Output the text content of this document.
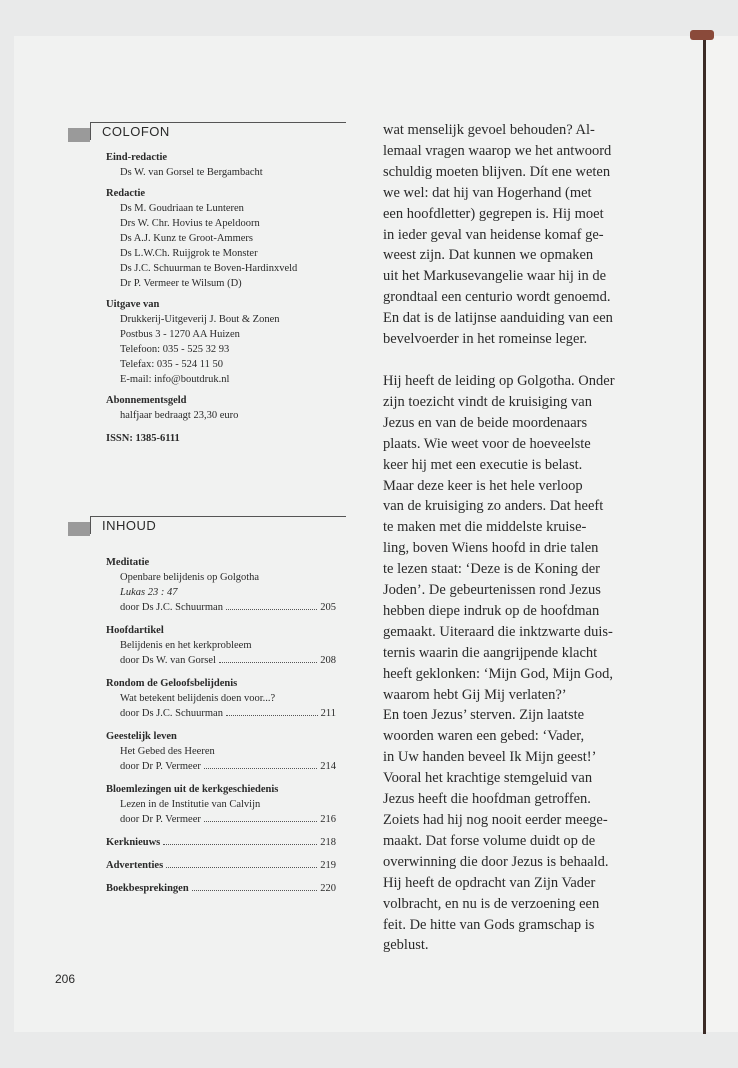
COLOFON
Eind-redactie
Ds W. van Gorsel te Bergambacht
Redactie
Ds M. Goudriaan te Lunteren
Drs W. Chr. Hovius te Apeldoorn
Ds A.J. Kunz te Groot-Ammers
Ds L.W.Ch. Ruijgrok te Monster
Ds J.C. Schuurman te Boven-Hardinxveld
Dr P. Vermeer te Wilsum (D)
Uitgave van
Drukkerij-Uitgeverij J. Bout & Zonen
Postbus 3 - 1270 AA Huizen
Telefoon: 035 - 525 32 93
Telefax: 035 - 524 11 50
E-mail: info@boutdruk.nl
Abonnementsgeld
halfjaar bedraagt 23,30 euro
ISSN: 1385-6111
INHOUD
Meditatie
Openbare belijdenis op Golgotha
Lukas 23 : 47
door Ds J.C. Schuurman	205
Hoofdartikel
Belijdenis en het kerkprobleem
door Ds W. van Gorsel	208
Rondom de Geloofsbelijdenis
Wat betekent belijdenis doen voor...?
door Ds J.C. Schuurman	211
Geestelijk leven
Het Gebed des Heeren
door Dr P. Vermeer	214
Bloemlezingen uit de kerkgeschiedenis
Lezen in de Institutie van Calvijn
door Dr P. Vermeer	216
Kerknieuws	218
Advertenties	219
Boekbesprekingen	220

wat menselijk gevoel behouden? Al-
lemaal vragen waarop we het antwoord
schuldig moeten blijven. Dít ene weten
we wel: dat hij van Hogerhand (met
een hoofdletter) gegrepen is. Hij moet
in ieder geval van heidense komaf ge-
weest zijn. Dat kunnen we opmaken
uit het Markusevangelie waar hij in de
grondtaal een centurio wordt genoemd.
En dat is de latijnse aanduiding van een
bevelvoerder in het romeinse leger.

Hij heeft de leiding op Golgotha. Onder
zijn toezicht vindt de kruisiging van
Jezus en van de beide moordenaars
plaats. Wie weet voor de hoeveelste
keer hij met een executie is belast.
Maar deze keer is het hele verloop
van de kruisiging zo anders. Dat heeft
te maken met die middelste kruise-
ling, boven Wiens hoofd in drie talen
te lezen staat: ‘Deze is de Koning der
Joden’. De gebeurtenissen rond Jezus
hebben diepe indruk op de hoofdman
gemaakt. Uiteraard die inktzwarte duis-
ternis waarin die aangrijpende klacht
heeft geklonken: ‘Mijn God, Mijn God,
waarom hebt Gij Mij verlaten?’
En toen Jezus’ sterven. Zijn laatste
woorden waren een gebed: ‘Vader,
in Uw handen beveel Ik Mijn geest!’
Vooral het krachtige stemgeluid van
Jezus heeft die hoofdman getroffen.
Zoiets had hij nog nooit eerder meege-
maakt. Dat forse volume duidt op de
overwinning die door Jezus is behaald.
Hij heeft de opdracht van Zijn Vader
volbracht, en nu is de verzoening een
feit. De hitte van Gods gramschap is
geblust.

206
